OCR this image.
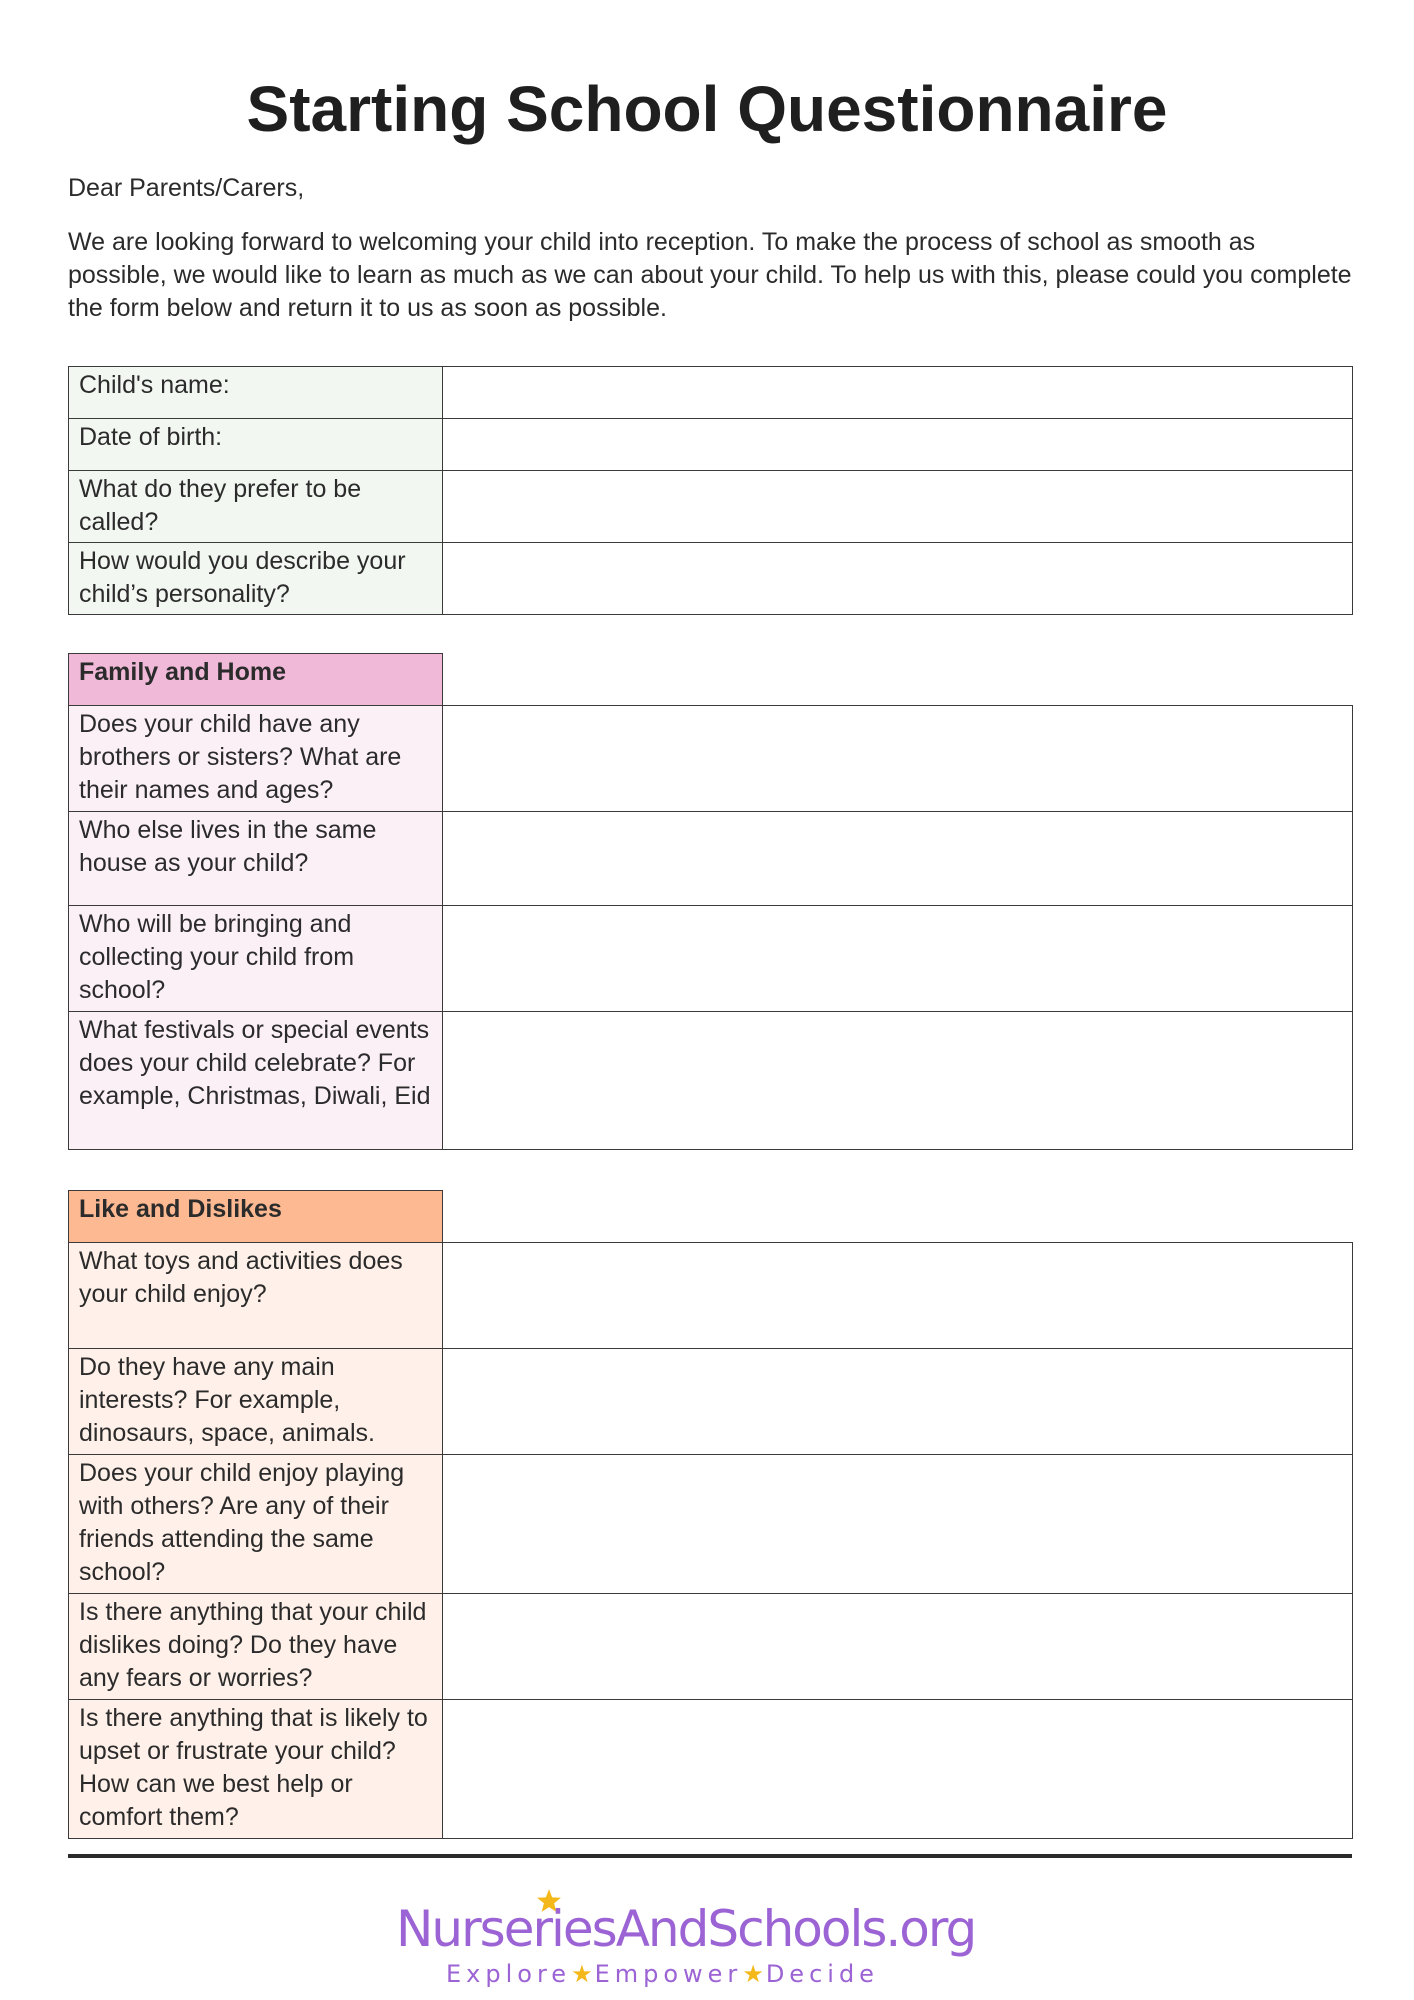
Starting School Questionnaire

Dear Parents/Carers,

We are looking forward to welcoming your child into reception. To make the process of school as smooth as possible, we would like to learn as much as we can about your child. To help us with this, please could you complete the form below and return it to us as soon as possible.

Child's name:	
Date of birth:	
What do they prefer to be called?	
How would you describe your child’s personality?	
Family and Home	
Does your child have any brothers or sisters? What are their names and ages?	
Who else lives in the same house as your child?	
Who will be bringing and collecting your child from school?	
What festivals or special events does your child celebrate? For example, Christmas, Diwali, Eid	
Like and Dislikes	
What toys and activities does your child enjoy?	
Do they have any main interests? For example, dinosaurs, space, animals.	
Does your child enjoy playing with others? Are any of their friends attending the same school?	
Is there anything that your child dislikes doing? Do they have any fears or worries?	
Is there anything that is likely to upset or frustrate your child? How can we best help or comfort them?	
NurseriesAndSchools.org
Explore★Empower★Decide
